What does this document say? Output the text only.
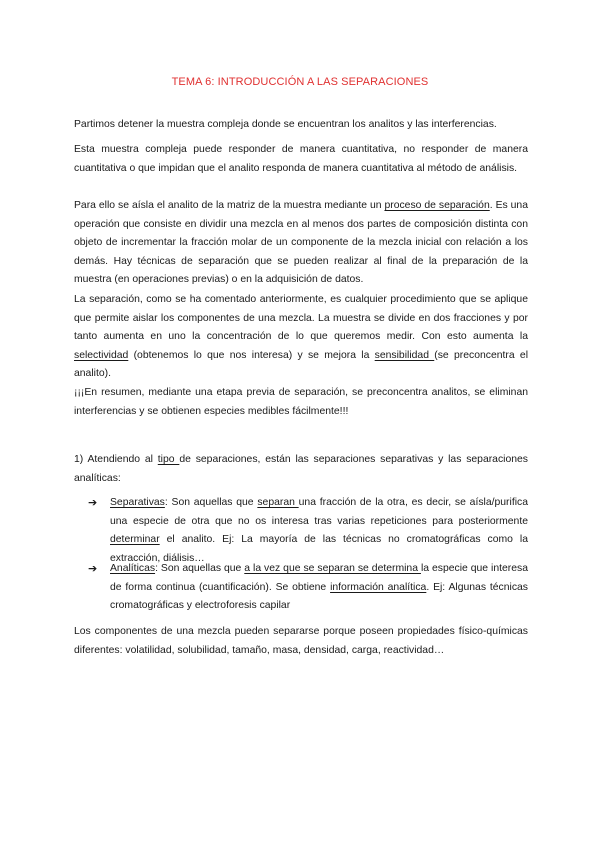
TEMA 6: INTRODUCCIÓN A LAS SEPARACIONES

Partimos detener la muestra compleja donde se encuentran los analitos y las interferencias.

Esta muestra compleja puede responder de manera cuantitativa, no responder de manera cuantitativa o que impidan que el analito responda de manera cuantitativa al método de análisis.

Para ello se aísla el analito de la matriz de la muestra mediante un proceso de separación. Es una operación que consiste en dividir una mezcla en al menos dos partes de composición distinta con objeto de incrementar la fracción molar de un componente de la mezcla inicial con relación a los demás. Hay técnicas de separación que se pueden realizar al final de la preparación de la muestra (en operaciones previas) o en la adquisición de datos.

La separación, como se ha comentado anteriormente, es cualquier procedimiento que se aplique que permite aislar los componentes de una mezcla. La muestra se divide en dos fracciones y por tanto aumenta en uno la concentración de lo que queremos medir. Con esto aumenta la selectividad (obtenemos lo que nos interesa) y se mejora la sensibilidad (se preconcentra el analito).

¡¡¡En resumen, mediante una etapa previa de separación, se preconcentra analitos, se eliminan interferencias y se obtienen especies medibles fácilmente!!!

1) Atendiendo al tipo de separaciones, están las separaciones separativas y las separaciones analíticas:

➔ Separativas: Son aquellas que separan una fracción de la otra, es decir, se aísla/purifica una especie de otra que no os interesa tras varias repeticiones para posteriormente determinar el analito. Ej: La mayoría de las técnicas no cromatográficas como la extracción, diálisis…
➔ Analíticas: Son aquellas que a la vez que se separan se determina la especie que interesa de forma continua (cuantificación). Se obtiene información analítica. Ej: Algunas técnicas cromatográficas y electroforesis capilar

Los componentes de una mezcla pueden separarse porque poseen propiedades físico-químicas diferentes: volatilidad, solubilidad, tamaño, masa, densidad, carga, reactividad…
